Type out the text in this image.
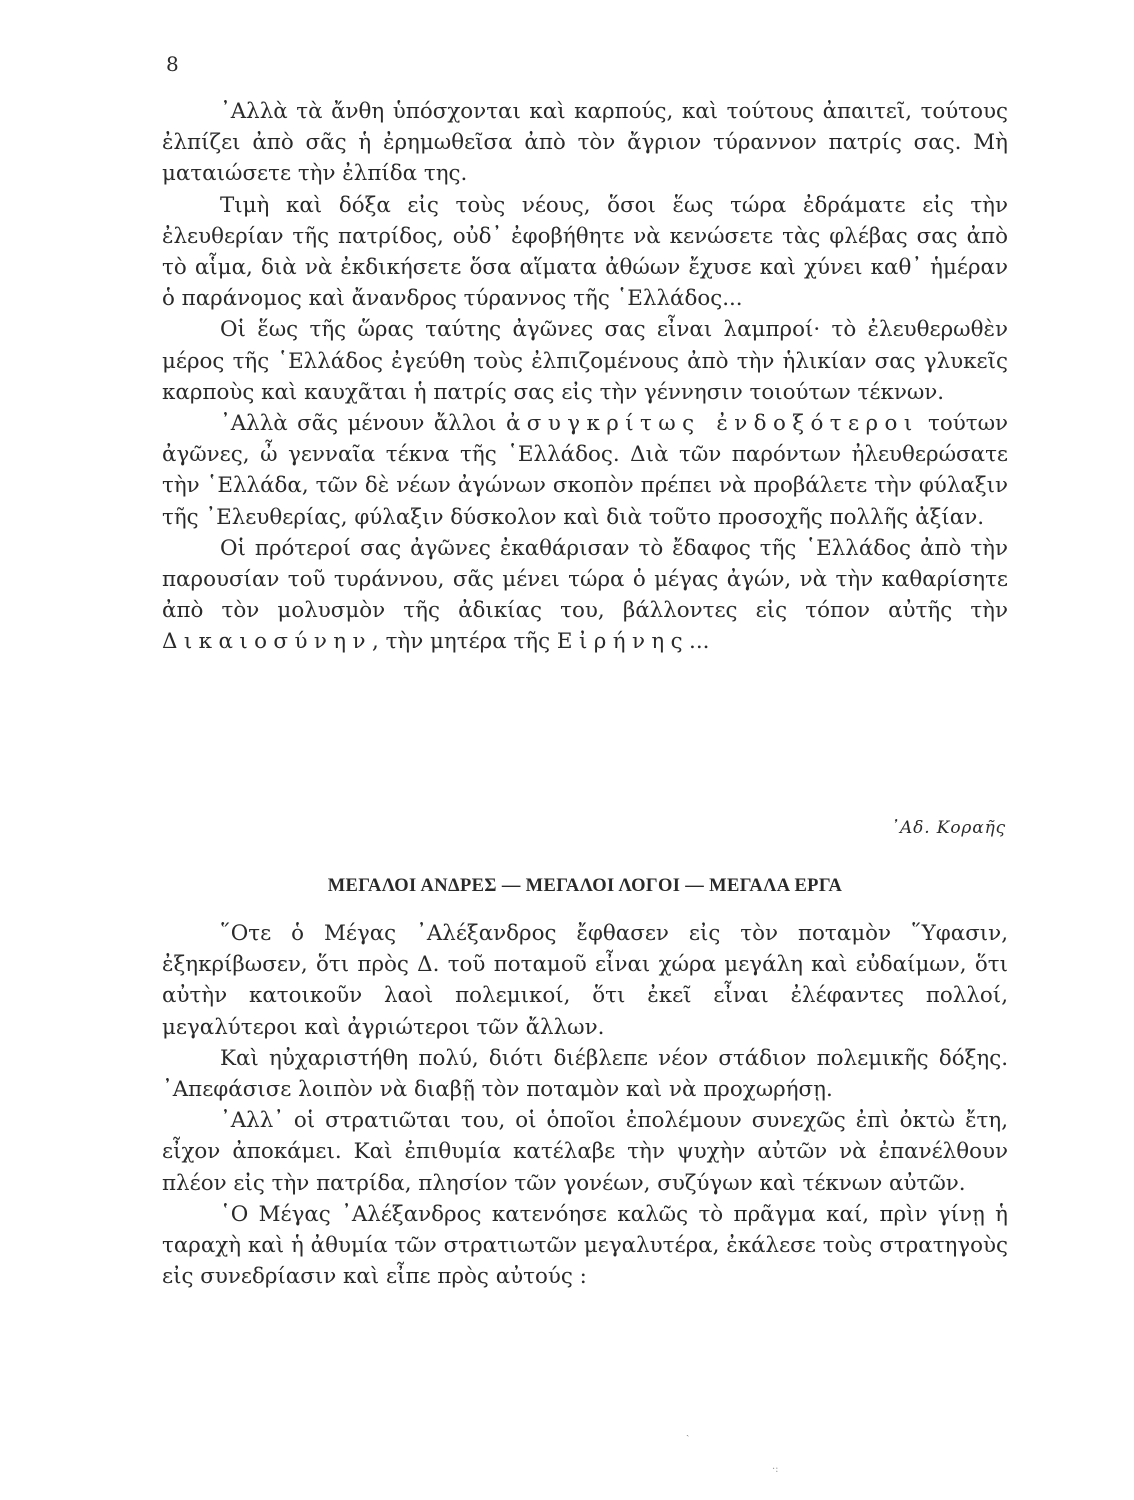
8

᾿Αλλὰ τὰ ἄνθη ὑπόσχονται καὶ καρπούς, καὶ τούτους ἀπαιτεῖ, τούτους ἐλπίζει ἀπὸ σᾶς ἡ ἐρημωθεῖσα ἀπὸ τὸν ἄγριον τύραννον πατρίς σας. Μὴ ματαιώσετε τὴν ἐλπίδα της.

Τιμὴ καὶ δόξα εἰς τοὺς νέους, ὅσοι ἕως τώρα ἐδράματε εἰς τὴν ἐλευθερίαν τῆς πατρίδος, οὐδ᾿ ἐφοβήθητε νὰ κενώσετε τὰς φλέβας σας ἀπὸ τὸ αἷμα, διὰ νὰ ἐκδικήσετε ὅσα αἵματα ἀθώων ἔχυσε καὶ χύνει καθ᾿ ἡμέραν ὁ παράνομος καὶ ἄνανδρος τύραννος τῆς ῾Ελλάδος...

Οἱ ἕως τῆς ὥρας ταύτης ἀγῶνες σας εἶναι λαμπροί· τὸ ἐλευθερωθὲν μέρος τῆς ῾Ελλάδος ἐγεύθη τοὺς ἐλπιζομένους ἀπὸ τὴν ἡλικίαν σας γλυκεῖς καρποὺς καὶ καυχᾶται ἡ πατρίς σας εἰς τὴν γέννησιν τοιούτων τέκνων.

᾿Αλλὰ σᾶς μένουν ἄλλοι ἀσυγκρίτως ἐνδοξότεροι τούτων ἀγῶνες, ὦ γενναῖα τέκνα τῆς ῾Ελλάδος. Διὰ τῶν παρόντων ἠλευθερώσατε τὴν ῾Ελλάδα, τῶν δὲ νέων ἀγώνων σκοπὸν πρέπει νὰ προβάλετε τὴν φύλαξιν τῆς ᾿Ελευθερίας, φύλαξιν δύσκολον καὶ διὰ τοῦτο προσοχῆς πολλῆς ἀξίαν.

Οἱ πρότεροί σας ἀγῶνες ἐκαθάρισαν τὸ ἔδαφος τῆς ῾Ελλάδος ἀπὸ τὴν παρουσίαν τοῦ τυράννου, σᾶς μένει τώρα ὁ μέγας ἀγών, νὰ τὴν καθαρίσητε ἀπὸ τὸν μολυσμὸν τῆς ἀδικίας του, βάλλοντες εἰς τόπον αὐτῆς τὴν Δικαιοσύνην, τὴν μητέρα τῆς Εἰρήνης...

᾿Αδ. Κοραῆς
ΜΕΓΑΛΟΙ ΑΝΔΡΕΣ — ΜΕΓΑΛΟΙ ΛΟΓΟΙ — ΜΕΓΑΛΑ ΕΡΓΑ

῞Οτε ὁ Μέγας ᾿Αλέξανδρος ἔφθασεν εἰς τὸν ποταμὸν ῞Υφασιν, ἐξηκρίβωσεν, ὅτι πρὸς Δ. τοῦ ποταμοῦ εἶναι χώρα μεγάλη καὶ εὐδαίμων, ὅτι αὐτὴν κατοικοῦν λαοὶ πολεμικοί, ὅτι ἐκεῖ εἶναι ἐλέφαντες πολλοί, μεγαλύτεροι καὶ ἀγριώτεροι τῶν ἄλλων.

Καὶ ηὐχαριστήθη πολύ, διότι διέβλεπε νέον στάδιον πολεμικῆς δόξης. ᾿Απεφάσισε λοιπὸν νὰ διαβῇ τὸν ποταμὸν καὶ νὰ προχωρήσῃ.

᾿Αλλ᾿ οἱ στρατιῶται του, οἱ ὁποῖοι ἐπολέμουν συνεχῶς ἐπὶ ὀκτὼ ἔτη, εἶχον ἀποκάμει. Καὶ ἐπιθυμία κατέλαβε τὴν ψυχὴν αὐτῶν νὰ ἐπανέλθουν πλέον εἰς τὴν πατρίδα, πλησίον τῶν γονέων, συζύγων καὶ τέκνων αὐτῶν.

῾Ο Μέγας ᾿Αλέξανδρος κατενόησε καλῶς τὸ πρᾶγμα καί, πρὶν γίνῃ ἡ ταραχὴ καὶ ἡ ἀθυμία τῶν στρατιωτῶν μεγαλυτέρα, ἐκάλεσε τοὺς στρατηγοὺς εἰς συνεδρίασιν καὶ εἶπε πρὸς αὐτούς :

ˏ
·:
